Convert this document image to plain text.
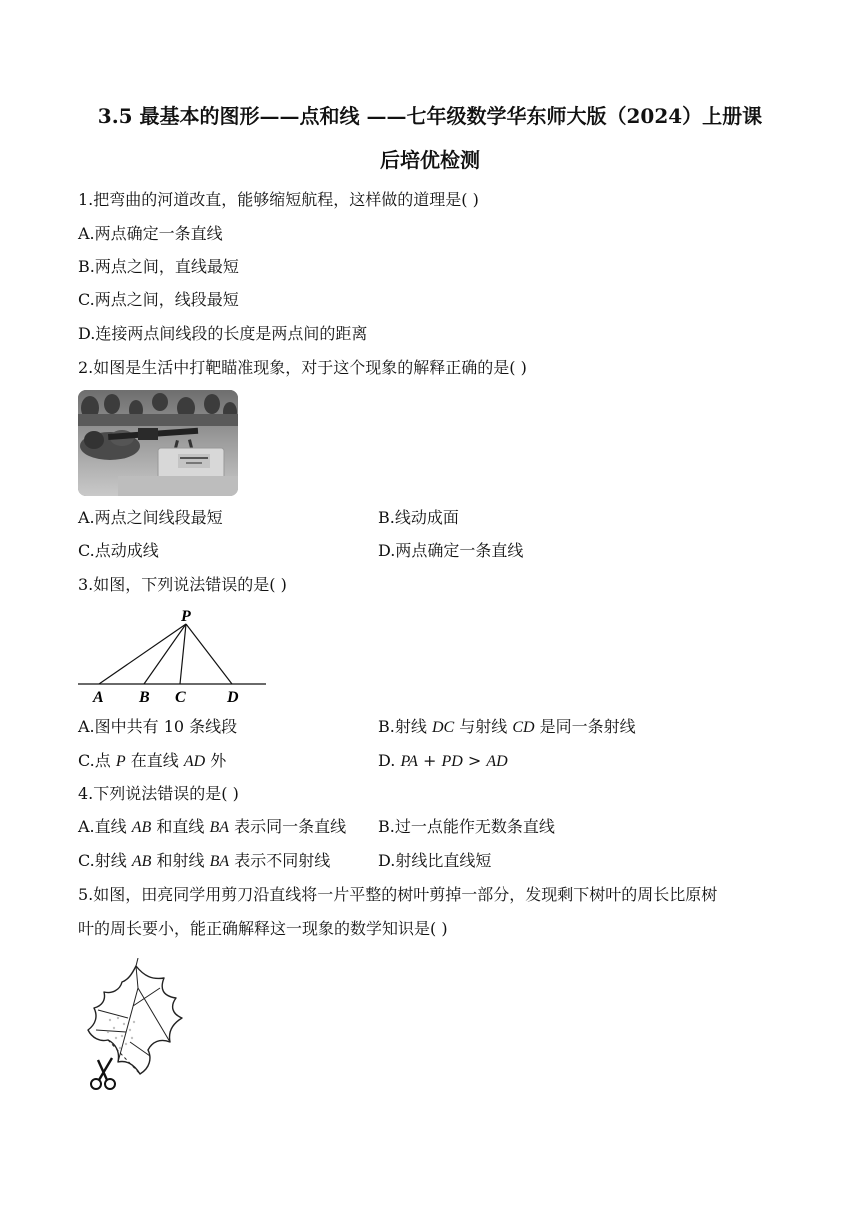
3.5 最基本的图形——点和线 ——七年级数学华东师大版（2024）上册课
后培优检测
1.把弯曲的河道改直，能够缩短航程，这样做的道理是( )
A.两点确定一条直线
B.两点之间，直线最短
C.两点之间，线段最短
D.连接两点间线段的长度是两点间的距离
2.如图是生活中打靶瞄准现象，对于这个现象的解释正确的是( )
A.两点之间线段最短	B.线动成面
C.点动成线	D.两点确定一条直线
3.如图，下列说法错误的是( )
P
A B C	D
A.图中共有 10 条线段	B.射线 DC 与射线 CD 是同一条射线
C.点 P 在直线 AD 外	D. PA + PD > AD
4.下列说法错误的是( )
A.直线 AB 和直线 BA 表示同一条直线 B.过一点能作无数条直线
C.射线 AB 和射线 BA 表示不同射线	D.射线比直线短
5.如图，田亮同学用剪刀沿直线将一片平整的树叶剪掉一部分，发现剩下树叶的周长比原树
叶的周长要小，能正确解释这一现象的数学知识是( )
